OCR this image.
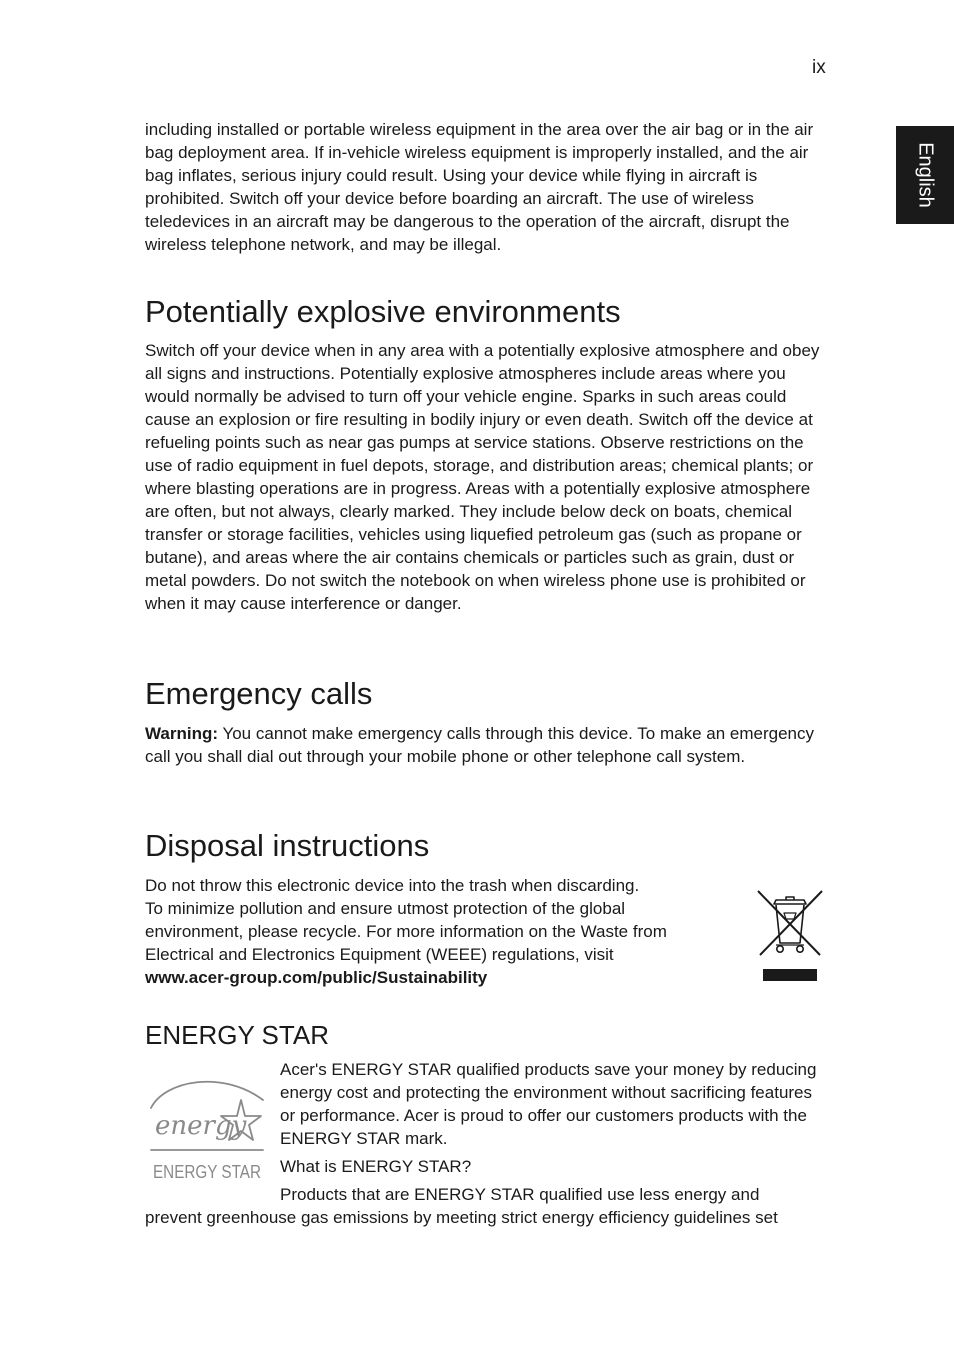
ix
English

including installed or portable wireless equipment in the area over the air bag or in the air bag deployment area. If in-vehicle wireless equipment is improperly installed, and the air bag inflates, serious injury could result. Using your device while flying in aircraft is prohibited. Switch off your device before boarding an aircraft. The use of wireless teledevices in an aircraft may be dangerous to the operation of the aircraft, disrupt the wireless telephone network, and may be illegal.

Potentially explosive environments

Switch off your device when in any area with a potentially explosive atmosphere and obey all signs and instructions. Potentially explosive atmospheres include areas where you would normally be advised to turn off your vehicle engine. Sparks in such areas could cause an explosion or fire resulting in bodily injury or even death. Switch off the device at refueling points such as near gas pumps at service stations. Observe restrictions on the use of radio equipment in fuel depots, storage, and distribution areas; chemical plants; or where blasting operations are in progress. Areas with a potentially explosive atmosphere are often, but not always, clearly marked. They include below deck on boats, chemical transfer or storage facilities, vehicles using liquefied petroleum gas (such as propane or butane), and areas where the air contains chemicals or particles such as grain, dust or metal powders. Do not switch the notebook on when wireless phone use is prohibited or when it may cause interference or danger.

Emergency calls

Warning: You cannot make emergency calls through this device. To make an emergency call you shall dial out through your mobile phone or other telephone call system.

Disposal instructions

Do not throw this electronic device into the trash when discarding.

To minimize pollution and ensure utmost protection of the global environment, please recycle. For more information on the Waste from Electrical and Electronics Equipment (WEEE) regulations, visit

www.acer-group.com/public/Sustainability

ENERGY STAR
energy
ENERGY STAR

Acer's ENERGY STAR qualified products save your money by reducing energy cost and protecting the environment without sacrificing features or performance. Acer is proud to offer our customers products with the ENERGY STAR mark.

What is ENERGY STAR?

Products that are ENERGY STAR qualified use less energy and
prevent greenhouse gas emissions by meeting strict energy efficiency guidelines set
